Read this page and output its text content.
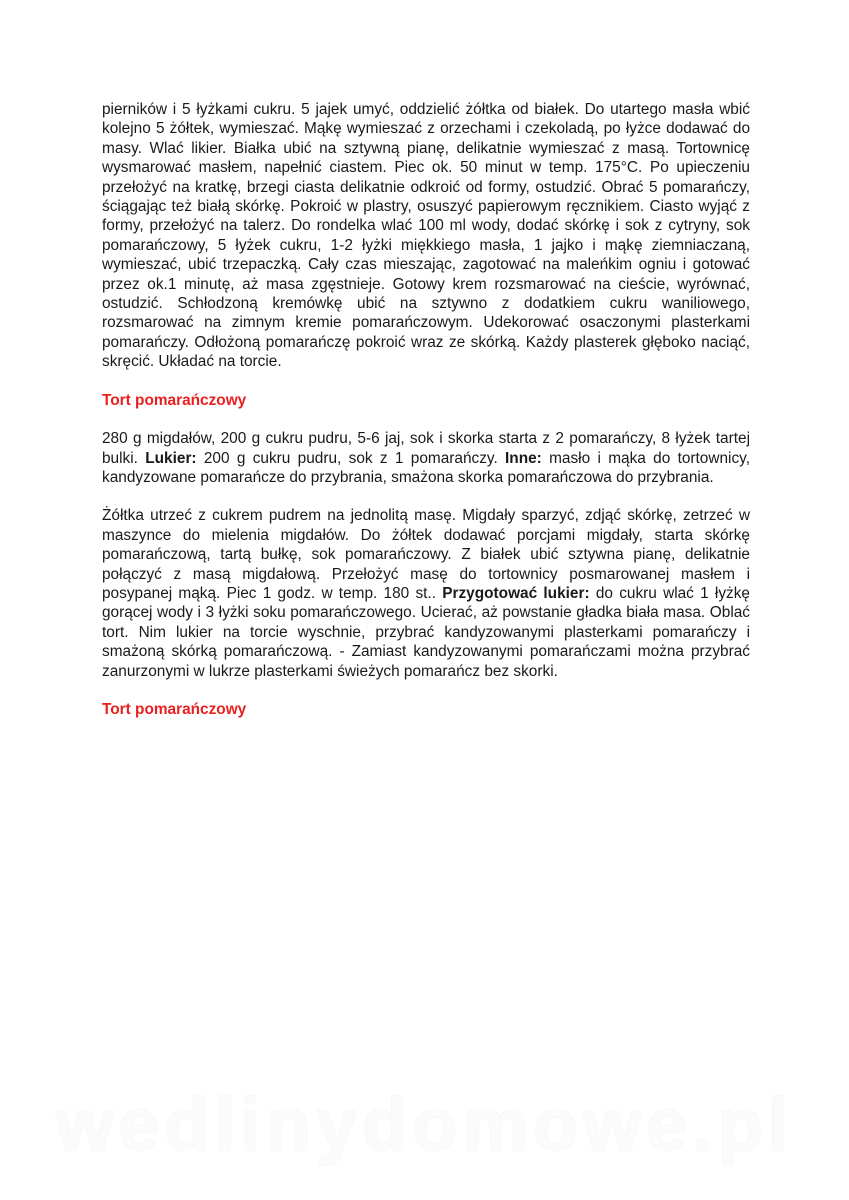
pierników i 5 łyżkami cukru. 5 jajek umyć, oddzielić żółtka od białek. Do utartego masła wbić kolejno 5 żółtek, wymieszać. Mąkę wymieszać z orzechami i czekoladą, po łyżce dodawać do masy. Wlać likier. Białka ubić na sztywną pianę, delikatnie wymieszać z masą. Tortownicę wysmarować masłem, napełnić ciastem. Piec ok. 50 minut w temp. 175°C. Po upieczeniu przełożyć na kratkę, brzegi ciasta delikatnie odkroić od formy, ostudzić. Obrać 5 pomarańczy, ściągając też białą skórkę. Pokroić w plastry, osuszyć papierowym ręcznikiem. Ciasto wyjąć z formy, przełożyć na talerz. Do rondelka wlać 100 ml wody, dodać skórkę i sok z cytryny, sok pomarańczowy, 5 łyżek cukru, 1-2 łyżki miękkiego masła, 1 jajko i mąkę ziemniaczaną, wymieszać, ubić trzepaczką. Cały czas mieszając, zagotować na maleńkim ogniu i gotować przez ok.1 minutę, aż masa zgęstnieje. Gotowy krem rozsmarować na cieście, wyrównać, ostudzić. Schłodzoną kremówkę ubić na sztywno z dodatkiem cukru waniliowego, rozsmarować na zimnym kremie pomarańczowym. Udekorować osaczonymi plasterkami pomarańczy. Odłożoną pomarańczę pokroić wraz ze skórką. Każdy plasterek głęboko naciąć, skręcić. Układać na torcie.

Tort pomarańczowy

280 g migdałów, 200 g cukru pudru, 5-6 jaj, sok i skorka starta z 2 pomarańczy, 8 łyżek tartej bulki. Lukier: 200 g cukru pudru, sok z 1 pomarańczy. Inne: masło i mąka do tortownicy, kandyzowane pomarańcze do przybrania, smażona skorka pomarańczowa do przybrania.

Żółtka utrzeć z cukrem pudrem na jednolitą masę. Migdały sparzyć, zdjąć skórkę, zetrzeć w maszynce do mielenia migdałów. Do żółtek dodawać porcjami migdały, starta skórkę pomarańczową, tartą bułkę, sok pomarańczowy. Z białek ubić sztywna pianę, delikatnie połączyć z masą migdałową. Przełożyć masę do tortownicy posmarowanej masłem i posypanej mąką. Piec 1 godz. w temp. 180 st.. Przygotować lukier: do cukru wlać 1 łyżkę gorącej wody i 3 łyżki soku pomarańczowego. Ucierać, aż powstanie gładka biała masa. Oblać tort. Nim lukier na torcie wyschnie, przybrać kandyzowanymi plasterkami pomarańczy i smażoną skórką pomarańczową. - Zamiast kandyzowanymi pomarańczami można przybrać zanurzonymi w lukrze plasterkami świeżych pomarańcz bez skorki.

Tort pomarańczowy

wedlinydomowe.pl
